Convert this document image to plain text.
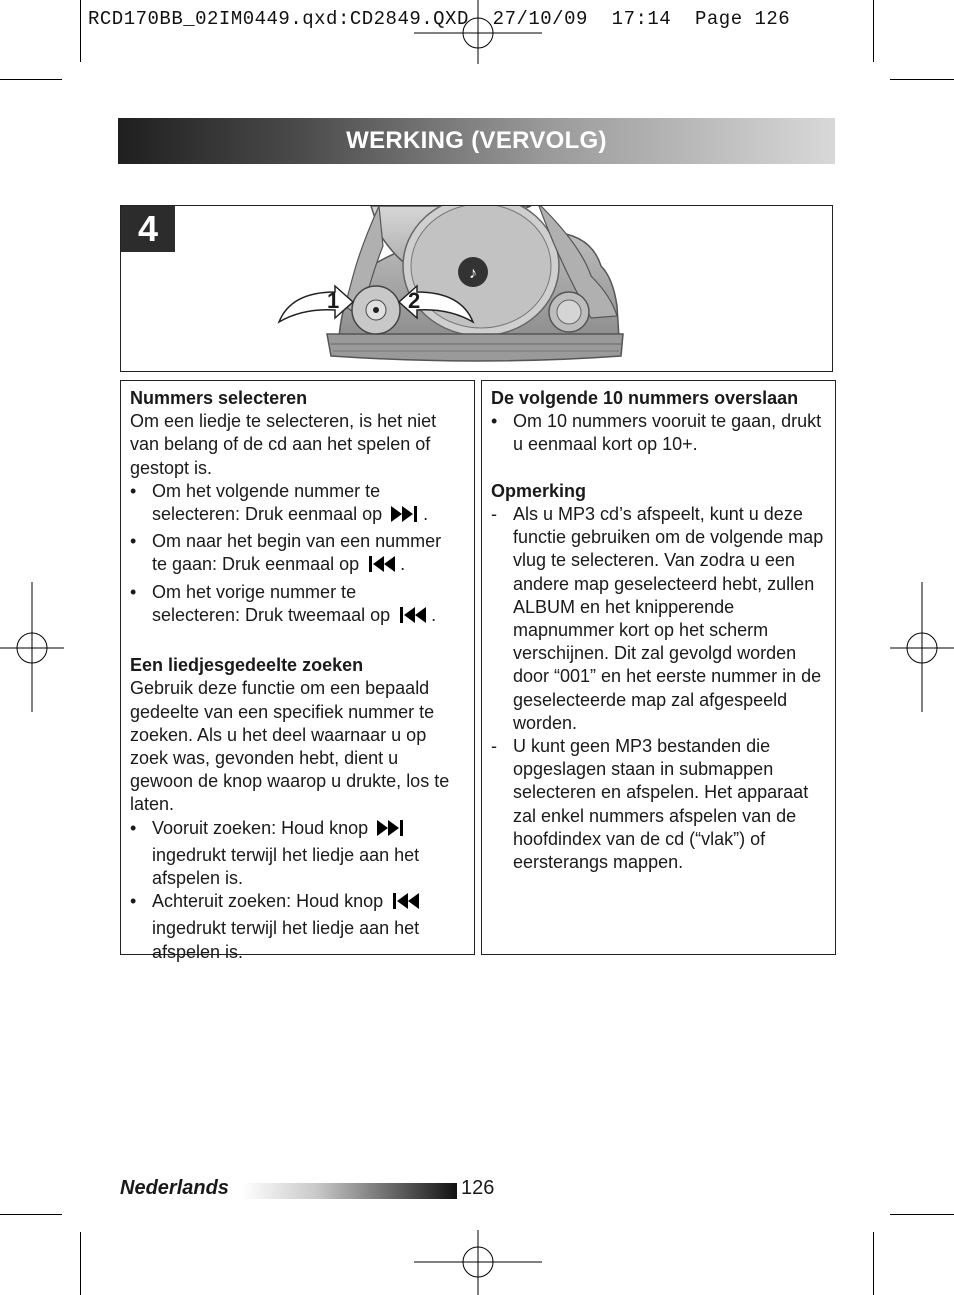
RCD170BB_02IM0449.qxd:CD2849.QXD  27/10/09  17:14  Page 126
WERKING (VERVOLG)
4
♪
1	2

Nummers selecteren

Om een liedje te selecteren, is het niet van belang of de cd aan het spelen of gestopt is.

• Om het volgende nummer te
selecteren: Druk eenmaal op .
• Om naar het begin van een nummer
te gaan: Druk eenmaal op .
• Om het vorige nummer te
selecteren: Druk tweemaal op .

Een liedjesgedeelte zoeken

Gebruik deze functie om een bepaald gedeelte van een specifiek nummer te zoeken. Als u het deel waarnaar u op zoek was, gevonden hebt, dient u gewoon de knop waarop u drukte, los te laten.

• Vooruit zoeken: Houd knop
ingedrukt terwijl het liedje aan het afspelen is.
• Achteruit zoeken: Houd knop
ingedrukt terwijl het liedje aan het afspelen is.

De volgende 10 nummers overslaan

• Om 10 nummers vooruit te gaan, drukt u eenmaal kort op 10+.

Opmerking

- Als u MP3 cd’s afspeelt, kunt u deze functie gebruiken om de volgende map vlug te selecteren. Van zodra u een andere map geselecteerd hebt, zullen ALBUM en het knipperende mapnummer kort op het scherm verschijnen. Dit zal gevolgd worden door “001” en het eerste nummer in de geselecteerde map zal afgespeeld worden.
- U kunt geen MP3 bestanden die opgeslagen staan in submappen selecteren en afspelen. Het apparaat zal enkel nummers afspelen van de hoofdindex van de cd (“vlak”) of eersterangs mappen.
Nederlands	126
